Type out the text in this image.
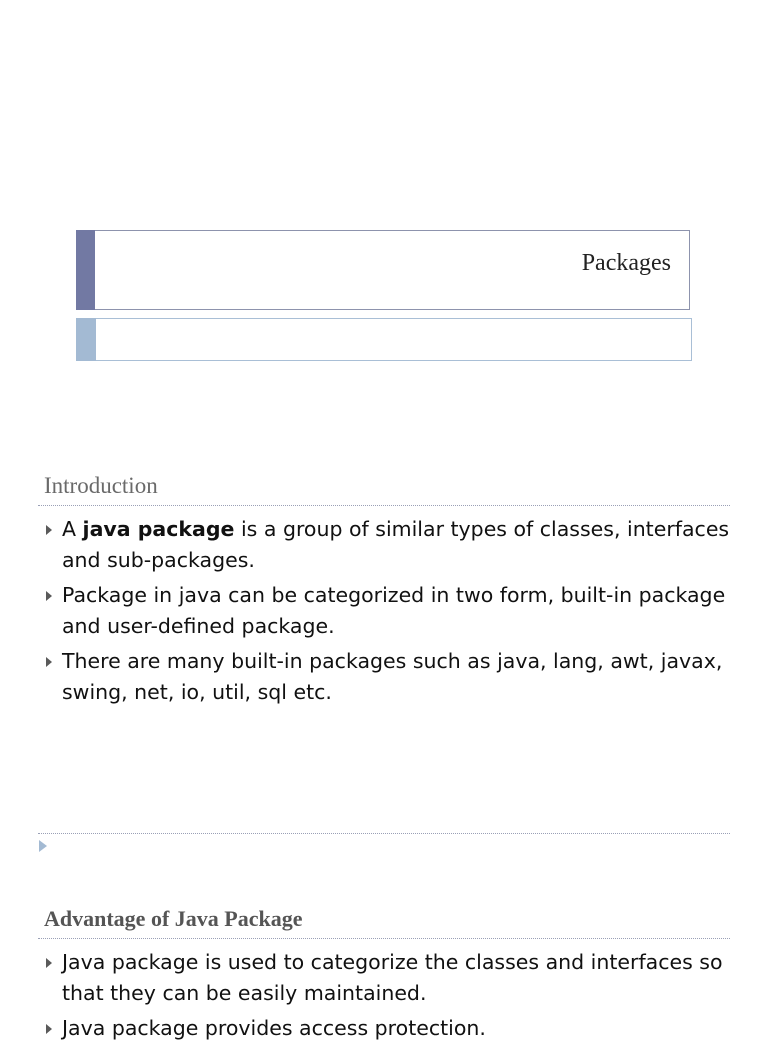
Packages
Introduction
A java package is a group of similar types of classes, interfaces and sub-packages.
Package in java can be categorized in two form, built-in package and user-defined package.
There are many built-in packages such as java, lang, awt, javax, swing, net, io, util, sql etc.
Advantage of Java Package
Java package is used to categorize the classes and interfaces so that they can be easily maintained.
Java package provides access protection.
